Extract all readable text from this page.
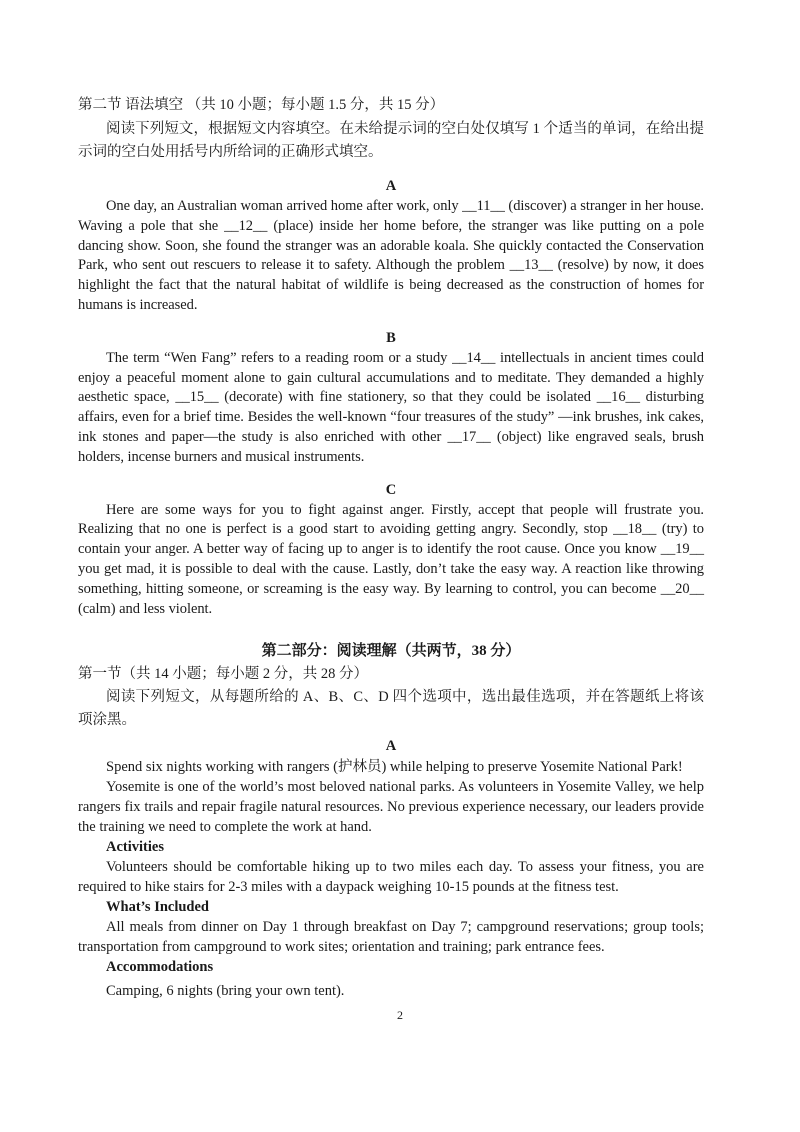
第二节 语法填空 （共 10 小题；每小题 1.5 分，共 15 分）

阅读下列短文，根据短文内容填空。在未给提示词的空白处仅填写 1 个适当的单词，在给出提示词的空白处用括号内所给词的正确形式填空。

A

One day, an Australian woman arrived home after work, only __11__ (discover) a stranger in her house. Waving a pole that she __12__ (place) inside her home before, the stranger was like putting on a pole dancing show. Soon, she found the stranger was an adorable koala. She quickly contacted the Conservation Park, who sent out rescuers to release it to safety. Although the problem __13__ (resolve) by now, it does highlight the fact that the natural habitat of wildlife is being decreased as the construction of homes for humans is increased.

B

The term “Wen Fang” refers to a reading room or a study __14__ intellectuals in ancient times could enjoy a peaceful moment alone to gain cultural accumulations and to meditate. They demanded a highly aesthetic space, __15__ (decorate) with fine stationery, so that they could be isolated __16__ disturbing affairs, even for a brief time. Besides the well-known “four treasures of the study” —ink brushes, ink cakes, ink stones and paper—the study is also enriched with other __17__ (object) like engraved seals, brush holders, incense burners and musical instruments.

C

Here are some ways for you to fight against anger. Firstly, accept that people will frustrate you. Realizing that no one is perfect is a good start to avoiding getting angry. Secondly, stop __18__ (try) to contain your anger. A better way of facing up to anger is to identify the root cause. Once you know __19__ you get mad, it is possible to deal with the cause. Lastly, don’t take the easy way. A reaction like throwing something, hitting someone, or screaming is the easy way. By learning to control, you can become __20__ (calm) and less violent.

第二部分：阅读理解（共两节，38 分）

第一节（共 14 小题；每小题 2 分，共 28 分）

阅读下列短文，从每题所给的 A、B、C、D 四个选项中，选出最佳选项，并在答题纸上将该项涂黑。

A

Spend six nights working with rangers (护林员) while helping to preserve Yosemite National Park!

Yosemite is one of the world’s most beloved national parks. As volunteers in Yosemite Valley, we help rangers fix trails and repair fragile natural resources. No previous experience necessary, our leaders provide the training we need to complete the work at hand.

Activities

Volunteers should be comfortable hiking up to two miles each day. To assess your fitness, you are required to hike stairs for 2-3 miles with a daypack weighing 10-15 pounds at the fitness test.

What’s Included

All meals from dinner on Day 1 through breakfast on Day 7; campground reservations; group tools; transportation from campground to work sites; orientation and training; park entrance fees.

Accommodations

Camping, 6 nights (bring your own tent).

2
